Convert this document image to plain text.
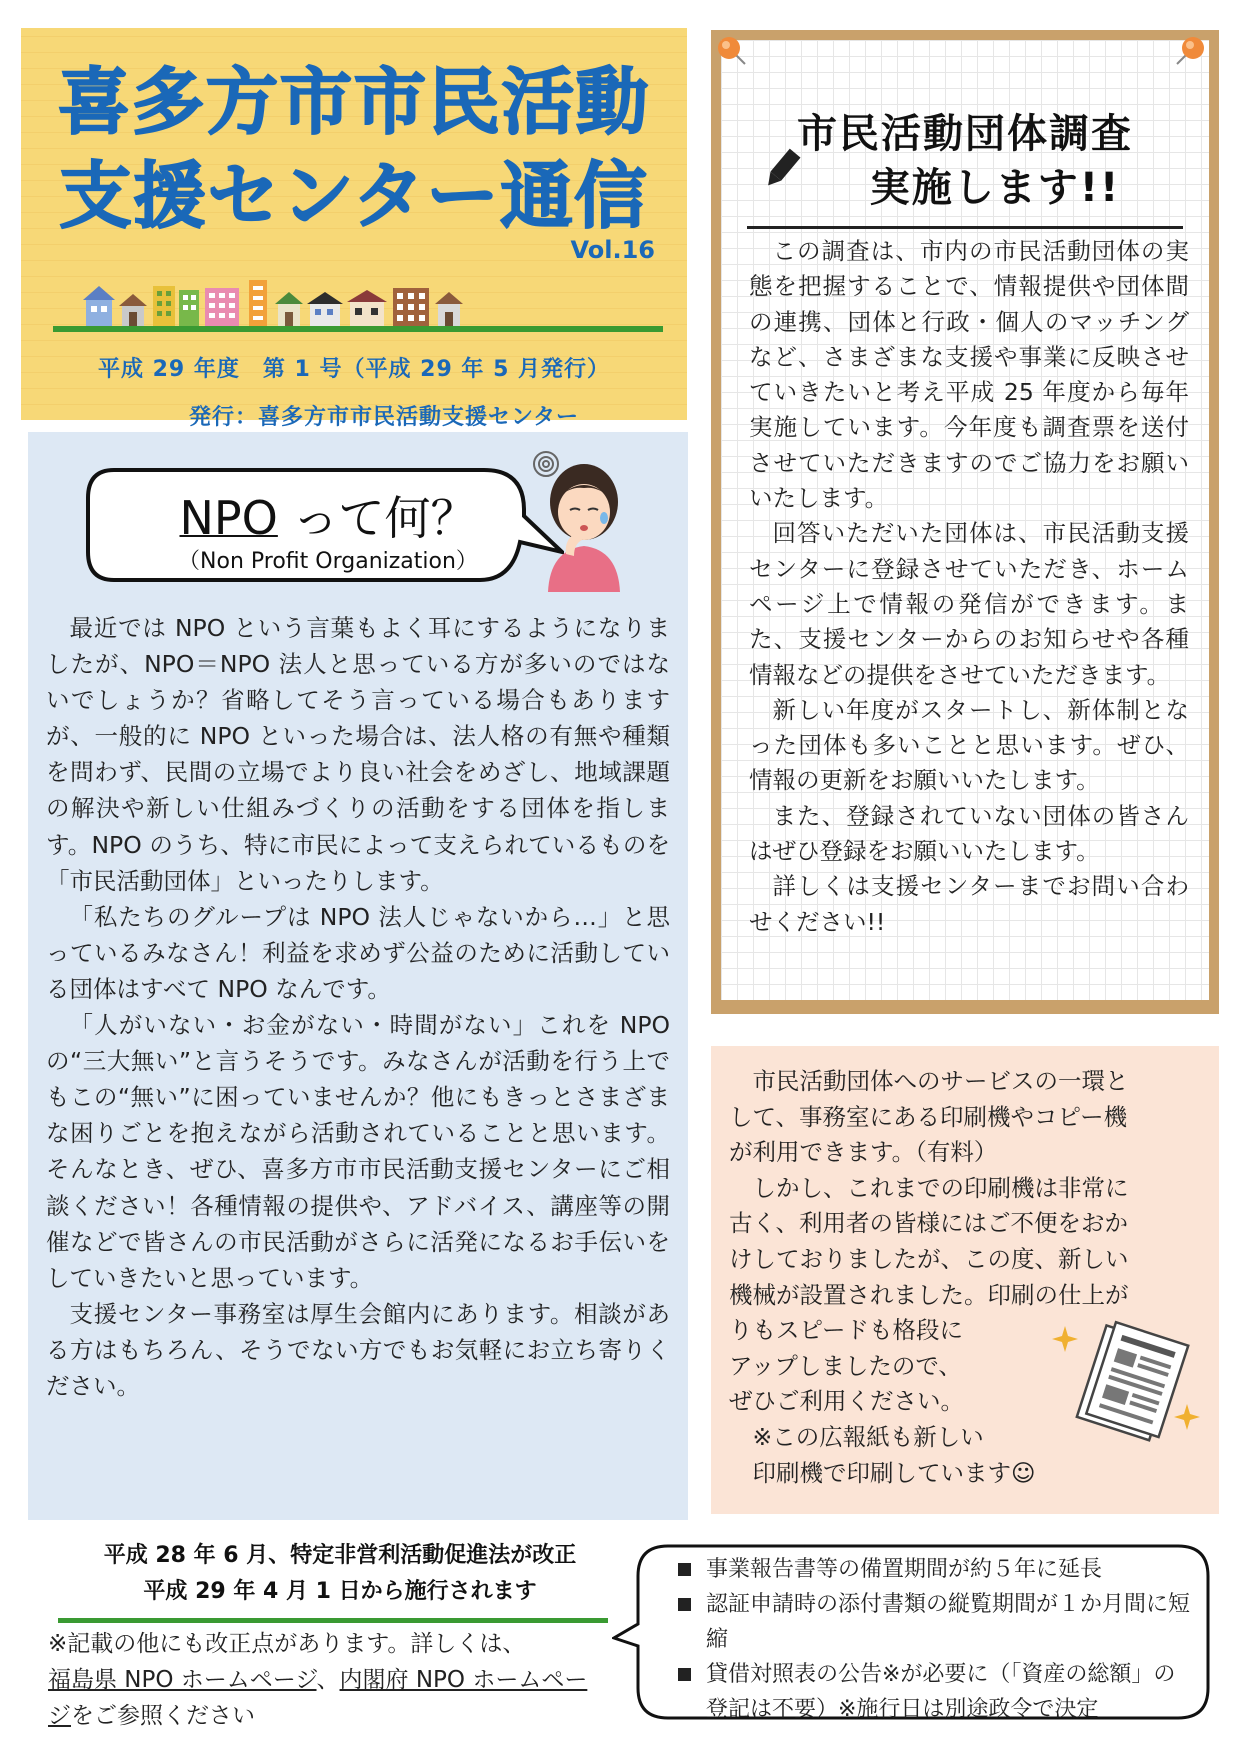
喜多方市市民活動
支援センター通信
Vol.16
平成 29 年度　第 1 号（平成 29 年 5 月発行）
発行：喜多方市市民活動支援センター
NPO って何？
（Non Profit Organization）

最近では NPO という言葉もよく耳にするようになりましたが、NPO＝NPO 法人と思っている方が多いのではないでしょうか？省略してそう言っている場合もありますが、一般的に NPO といった場合は、法人格の有無や種類を問わず、民間の立場でより良い社会をめざし、地域課題の解決や新しい仕組みづくりの活動をする団体を指します。NPO のうち、特に市民によって支えられているものを「市民活動団体」といったりします。

「私たちのグループは NPO 法人じゃないから…」と思っているみなさん！利益を求めず公益のために活動している団体はすべて NPO なんです。

「人がいない・お金がない・時間がない」これを NPO の“三大無い”と言うそうです。みなさんが活動を行う上でもこの“無い”に困っていませんか？他にもきっとさまざまな困りごとを抱えながら活動されていることと思います。そんなとき、ぜひ、喜多方市市民活動支援センターにご相談ください！各種情報の提供や、アドバイス、講座等の開催などで皆さんの市民活動がさらに活発になるお手伝いをしていきたいと思っています。

支援センター事務室は厚生会館内にあります。相談がある方はもちろん、そうでない方でもお気軽にお立ち寄りください。

市民活動団体調査
実施します!!

この調査は、市内の市民活動団体の実態を把握することで、情報提供や団体間の連携、団体と行政・個人のマッチングなど、さまざまな支援や事業に反映させていきたいと考え平成 25 年度から毎年実施しています。今年度も調査票を送付させていただきますのでご協力をお願いいたします。

回答いただいた団体は、市民活動支援センターに登録させていただき、ホームページ上で情報の発信ができます。また、支援センターからのお知らせや各種情報などの提供をさせていただきます。

新しい年度がスタートし、新体制となった団体も多いことと思います。ぜひ、情報の更新をお願いいたします。

また、登録されていない団体の皆さんはぜひ登録をお願いいたします。

詳しくは支援センターまでお問い合わせください!!

市民活動団体へのサービスの一環と

して、事務室にある印刷機やコピー機

が利用できます。（有料）

しかし、これまでの印刷機は非常に

古く、利用者の皆様にはご不便をおか

けしておりましたが、この度、新しい

機械が設置されました。印刷の仕上が

りもスピードも格段に

アップしましたので、

ぜひご利用ください。

※この広報紙も新しい

印刷機で印刷しています☺

平成 28 年 6 月、特定非営利活動促進法が改正
平成 29 年 4 月 1 日から施行されます
※記載の他にも改正点があります。詳しくは、
福島県 NPO ホームページ、内閣府 NPO ホームページをご参照ください
事業報告書等の備置期間が約５年に延長
認証申請時の添付書類の縦覧期間が１か月間に短縮
貸借対照表の公告※が必要に（「資産の総額」の登記は不要）※施行日は別途政令で決定
